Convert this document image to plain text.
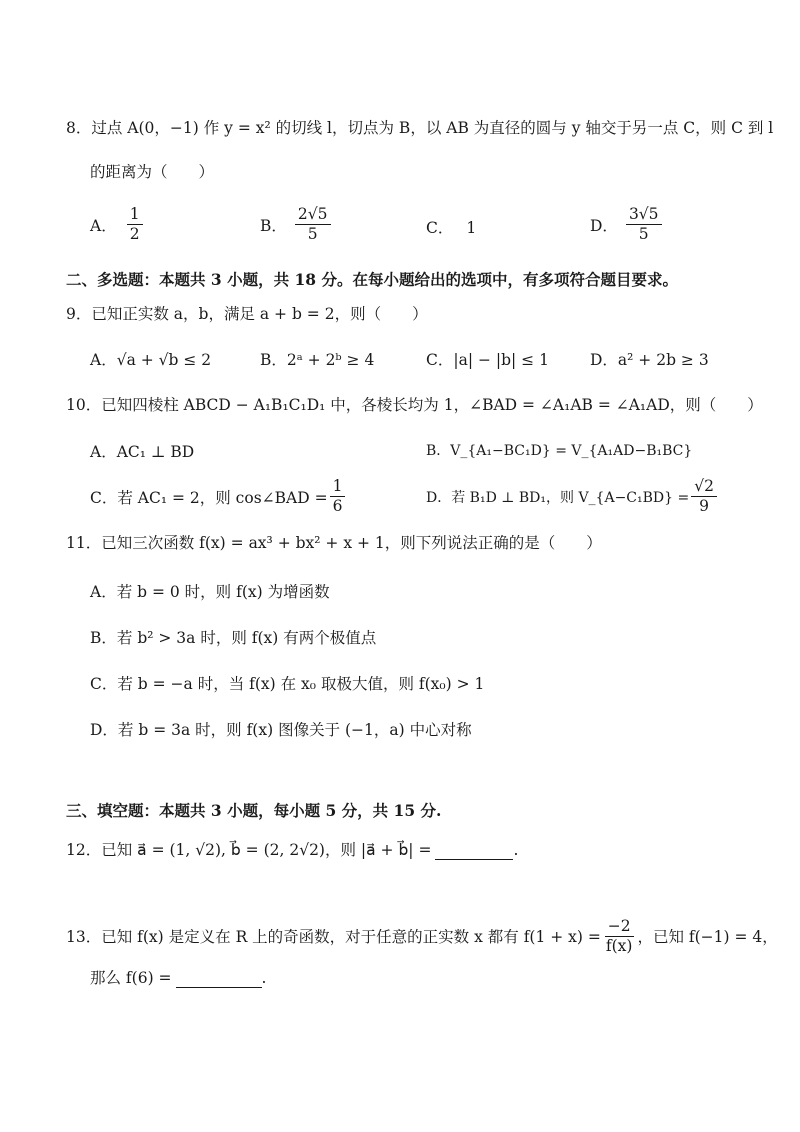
8．过点 A(0，−1) 作 y = x² 的切线 l，切点为 B，以 AB 为直径的圆与 y 轴交于另一点 C，则 C 到 l
的距离为（　　）
A． $\frac{1}{2}$	B． $\frac{2√5}{5}$	C． 1	D． $\frac{3√5}{5}$
二、多选题：本题共 3 小题，共 18 分。在每小题给出的选项中，有多项符合题目要求。
9．已知正实数 a，b，满足 a + b = 2，则（　　）
A．√a + √b ≤ 2	B．2ᵃ + 2ᵇ ≥ 4	C．|a| − |b| ≤ 1	D．a² + 2b ≥ 3
10．已知四棱柱 ABCD − A₁B₁C₁D₁ 中，各棱长均为 1，∠BAD = ∠A₁AB = ∠A₁AD，则（　　）
A．AC₁ ⊥ BD	B．V_{A₁−BC₁D} = V_{A₁AD−B₁BC}
C．若 AC₁ = 2，则 cos∠BAD = $\frac{1}{6}$	D．若 B₁D ⊥ BD₁，则 V_{A−C₁BD} = $\frac{√2}{9}$
11．已知三次函数 f(x) = ax³ + bx² + x + 1，则下列说法正确的是（　　）
A．若 b = 0 时，则 f(x) 为增函数
B．若 b² > 3a 时，则 f(x) 有两个极值点
C．若 b = −a 时，当 f(x) 在 x₀ 取极大值，则 f(x₀) > 1
D．若 b = 3a 时，则 f(x) 图像关于 (−1，a) 中心对称
三、填空题：本题共 3 小题，每小题 5 分，共 15 分.
12．已知 a⃗ = (1, √2), b⃗ = (2, 2√2)，则 |a⃗ + b⃗| =	.
13．已知 f(x) 是定义在 R 上的奇函数，对于任意的正实数 x 都有 $f(1 + x) = \frac{-2}{f(x)}$ ，已知 f(−1) = 4，
那么 f(6) =	.
